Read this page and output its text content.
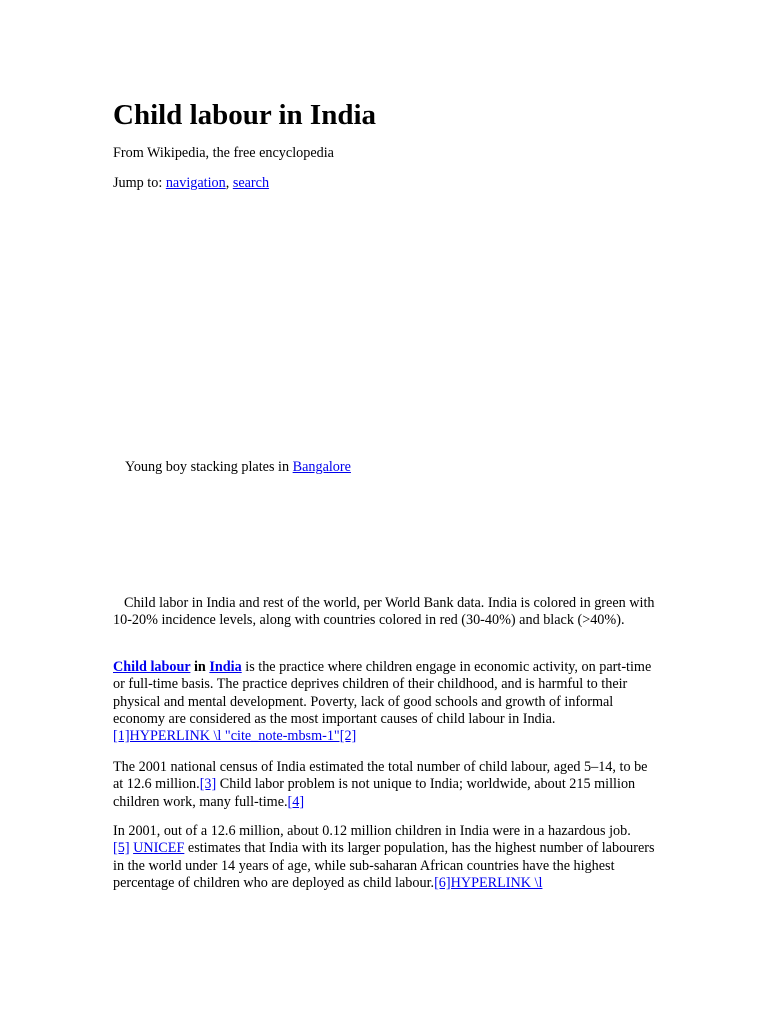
Child labour in India
From Wikipedia, the free encyclopedia
Jump to: navigation, search
Young boy stacking plates in Bangalore
Child labor in India and rest of the world, per World Bank data. India is colored in green with 10-20% incidence levels, along with countries colored in red (30-40%) and black (>40%).
Child labour in India is the practice where children engage in economic activity, on part-time or full-time basis. The practice deprives children of their childhood, and is harmful to their physical and mental development. Poverty, lack of good schools and growth of informal economy are considered as the most important causes of child labour in India.
[1]HYPERLINK \l "cite_note-mbsm-1"[2]
The 2001 national census of India estimated the total number of child labour, aged 5–14, to be at 12.6 million.[3] Child labor problem is not unique to India; worldwide, about 215 million children work, many full-time.[4]
In 2001, out of a 12.6 million, about 0.12 million children in India were in a hazardous job.
[5] UNICEF estimates that India with its larger population, has the highest number of labourers in the world under 14 years of age, while sub-saharan African countries have the highest percentage of children who are deployed as child labour.[6]HYPERLINK \l
